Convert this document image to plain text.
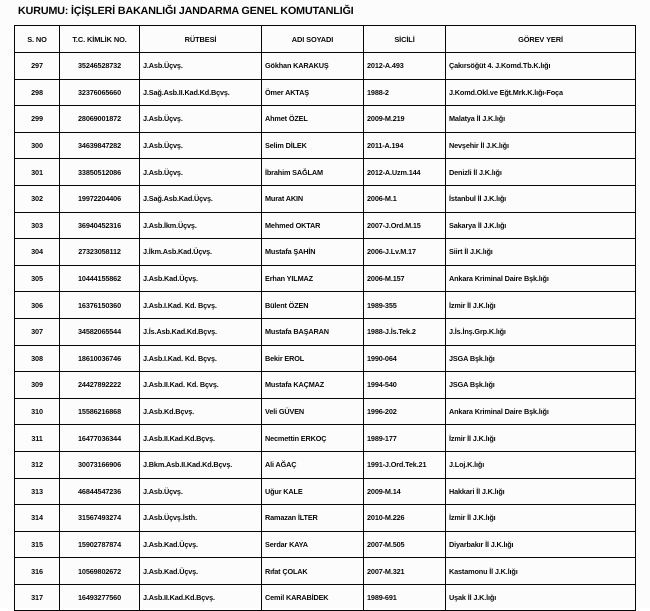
KURUMU: İÇİŞLERİ BAKANLIĞI JANDARMA GENEL KOMUTANLIĞI
S. NO	T.C. KİMLİK NO.	RÜTBESİ	ADI SOYADI	SİCİLİ	GÖREV YERİ
297	35246528732	J.Asb.Üçvş.	Gökhan KARAKUŞ	2012-A.493	Çakırsöğüt 4. J.Komd.Tb.K.lığı
298	32376065660	J.Sağ.Asb.II.Kad.Kd.Bçvş.	Ömer AKTAŞ	1988-2	J.Komd.Okl.ve Eğt.Mrk.K.lığı-Foça
299	28069001872	J.Asb.Üçvş.	Ahmet ÖZEL	2009-M.219	Malatya İl J.K.lığı
300	34639847282	J.Asb.Üçvş.	Selim DİLEK	2011-A.194	Nevşehir İl J.K.lığı
301	33850512086	J.Asb.Üçvş.	İbrahim SAĞLAM	2012-A.Uzm.144	Denizli İl J.K.lığı
302	19972204406	J.Sağ.Asb.Kad.Üçvş.	Murat AKIN	2006-M.1	İstanbul İl J.K.lığı
303	36940452316	J.Asb.İkm.Üçvş.	Mehmed OKTAR	2007-J.Ord.M.15	Sakarya İl J.K.lığı
304	27323058112	J.İkm.Asb.Kad.Üçvş.	Mustafa ŞAHİN	2006-J.Lv.M.17	Siirt İl J.K.lığı
305	10444155862	J.Asb.Kad.Üçvş.	Erhan YILMAZ	2006-M.157	Ankara Kriminal Daire Bşk.lığı
306	16376150360	J.Asb.I.Kad. Kd. Bçvş.	Bülent ÖZEN	1989-355	İzmir İl J.K.lığı
307	34582065544	J.İs.Asb.Kad.Kd.Bçvş.	Mustafa BAŞARAN	1988-J.İs.Tek.2	J.İs.İnş.Grp.K.lığı
308	18610036746	J.Asb.I.Kad. Kd. Bçvş.	Bekir EROL	1990-064	JSGA Bşk.lığı
309	24427892222	J.Asb.II.Kad. Kd. Bçvş.	Mustafa KAÇMAZ	1994-540	JSGA Bşk.lığı
310	15586216868	J.Asb.Kd.Bçvş.	Veli GÜVEN	1996-202	Ankara Kriminal Daire Bşk.lığı
311	16477036344	J.Asb.II.Kad.Kd.Bçvş.	Necmettin ERKOÇ	1989-177	İzmir İl J.K.lığı
312	30073166906	J.Bkm.Asb.II.Kad.Kd.Bçvş.	Ali AĞAÇ	1991-J.Ord.Tek.21	J.Loj.K.lığı
313	46844547236	J.Asb.Üçvş.	Uğur KALE	2009-M.14	Hakkari İl J.K.lığı
314	31567493274	J.Asb.Üçvş.İsth.	Ramazan İLTER	2010-M.226	İzmir İl J.K.lığı
315	15902787874	J.Asb.Kad.Üçvş.	Serdar KAYA	2007-M.505	Diyarbakır İl J.K.lığı
316	10569802672	J.Asb.Kad.Üçvş.	Rıfat ÇOLAK	2007-M.321	Kastamonu İl J.K.lığı
317	16493277560	J.Asb.II.Kad.Kd.Bçvş.	Cemil KARABİDEK	1989-691	Uşak İl J.K.lığı
